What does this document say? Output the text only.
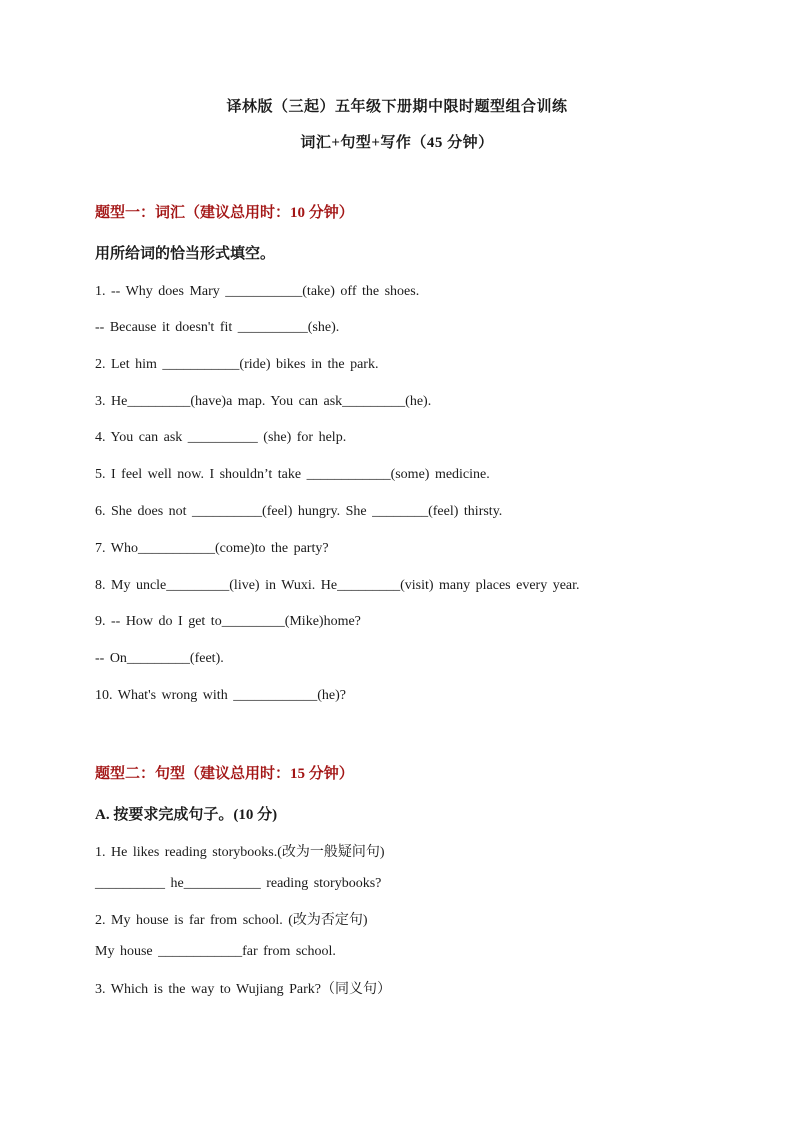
译林版（三起）五年级下册期中限时题型组合训练
词汇+句型+写作（45 分钟）
题型一：词汇（建议总用时：10 分钟）
用所给词的恰当形式填空。
1. -- Why does Mary ___________(take) off the shoes.
-- Because it doesn't fit __________(she).
2. Let him ___________(ride) bikes in the park.
3. He_________(have)a map. You can ask_________(he).
4. You can ask __________ (she) for help.
5. I feel well now. I shouldn’t take ____________(some) medicine.
6. She does not __________(feel) hungry. She ________(feel) thirsty.
7. Who___________(come)to the party?
8. My uncle_________(live) in Wuxi. He_________(visit) many places every year.
9. -- How do I get to_________(Mike)home?
-- On_________(feet).
10. What's wrong with ____________(he)?
题型二：句型（建议总用时：15 分钟）
A. 按要求完成句子。(10 分)
1. He likes reading storybooks.(改为一般疑问句)
__________ he___________ reading storybooks?
2. My house is far from school. (改为否定句)
My house ____________far from school.
3. Which is the way to Wujiang Park?（同义句）
